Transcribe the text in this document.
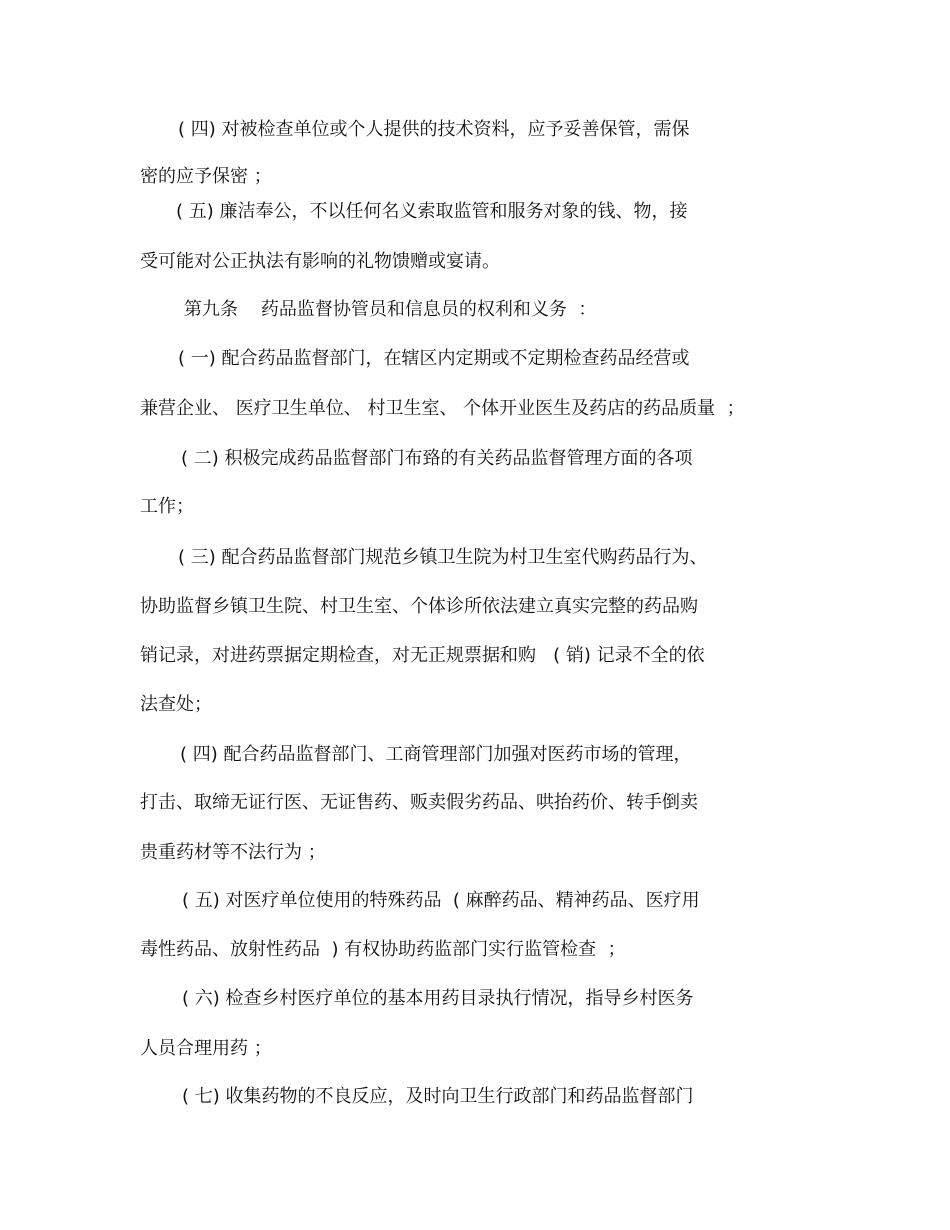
( 四) 对被检查单位或个人提供的技术资料，应予妥善保管，需保
密的应予保密 ；
( 五) 廉洁奉公，不以任何名义索取监管和服务对象的钱、物，接
受可能对公正执法有影响的礼物馈赠或宴请。
第九条    药品监督协管员和信息员的权利和义务  ：
( 一) 配合药品监督部门，在辖区内定期或不定期检查药品经营或
兼营企业、 医疗卫生单位、 村卫生室、 个体开业医生及药店的药品质量  ；
( 二) 积极完成药品监督部门布臵的有关药品监督管理方面的各项
工作；
( 三) 配合药品监督部门规范乡镇卫生院为村卫生室代购药品行为、
协助监督乡镇卫生院、村卫生室、个体诊所依法建立真实完整的药品购
销记录，对进药票据定期检查，对无正规票据和购   ( 销) 记录不全的依
法查处；
( 四) 配合药品监督部门、工商管理部门加强对医药市场的管理，
打击、取缔无证行医、无证售药、贩卖假劣药品、哄抬药价、转手倒卖
贵重药材等不法行为 ；
( 五) 对医疗单位使用的特殊药品  ( 麻醉药品、精神药品、医疗用
毒性药品、放射性药品  ) 有权协助药监部门实行监管检查  ；
( 六) 检查乡村医疗单位的基本用药目录执行情况，指导乡村医务
人员合理用药 ；
( 七) 收集药物的不良反应，及时向卫生行政部门和药品监督部门
